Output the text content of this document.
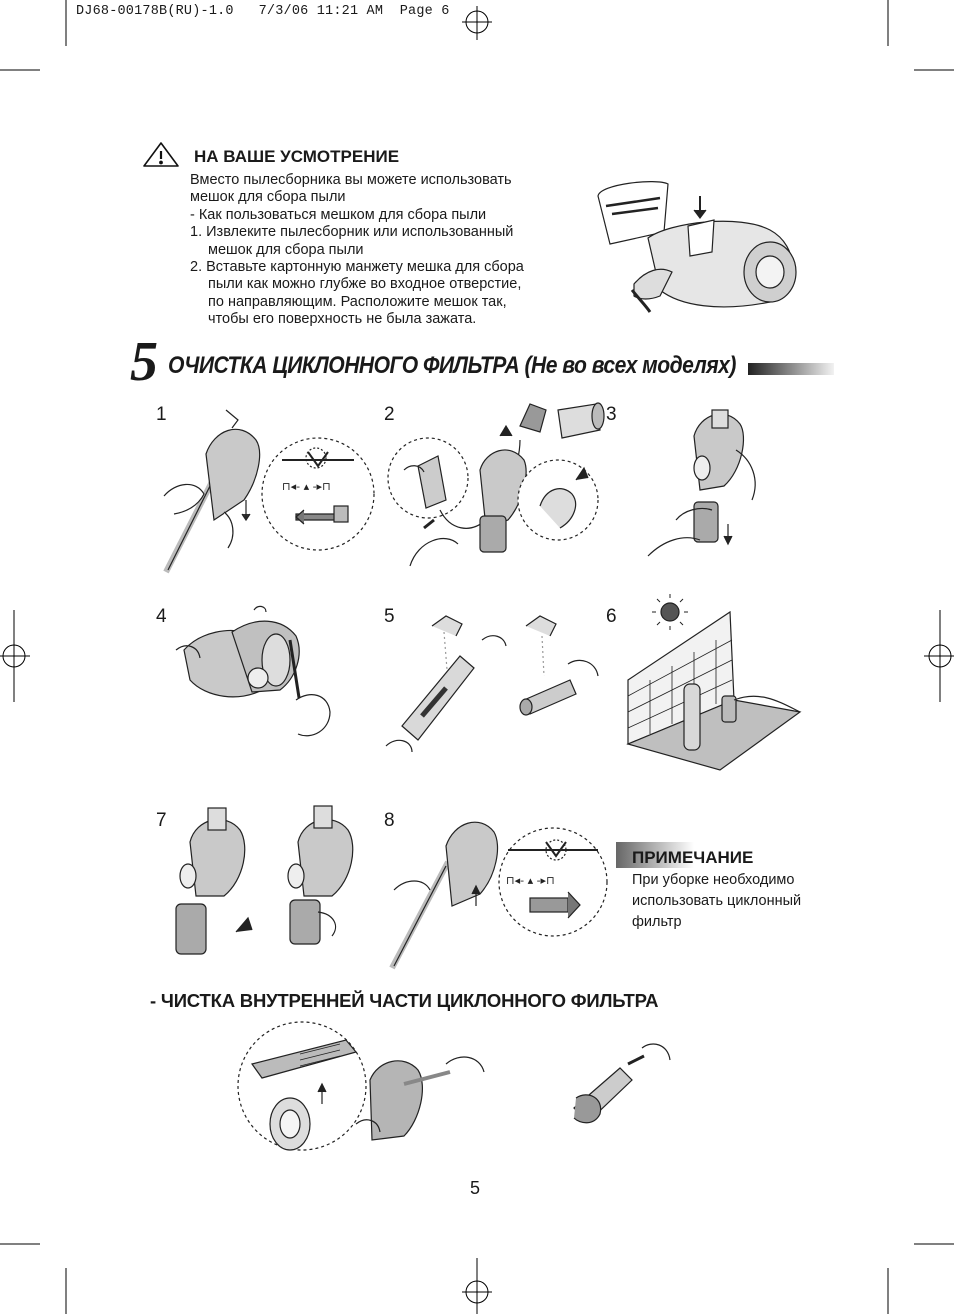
DJ68-00178B(RU)-1.0   7/3/06 11:21 AM  Page 6
⊓◂‑ ▴ ‑▸⊓
⊓◂‑ ▴ ‑▸⊓
НА ВАШЕ УСМОТРЕНИЕ
Вместо пылесборника вы можете использовать
мешок для сбора пыли
- Как пользоваться мешком для сбора пыли
1. Извлеките пылесборник или использованный
мешок для сбора пыли
2. Вставьте картонную манжету мешка для сбора
пыли как можно глубже во входное отверстие,
по направляющим. Расположите мешок так,
чтобы его поверхность не была зажата.
5 ОЧИСТКА ЦИКЛОННОГО ФИЛЬТРА (Не во всех моделях)
1	2	3
4	5	6
7	8
ПРИМЕЧАНИЕ
При уборке необходимо
использовать циклонный
фильтр
- ЧИСТКА ВНУТРЕННЕЙ ЧАСТИ ЦИКЛОННОГО ФИЛЬТРА
5
